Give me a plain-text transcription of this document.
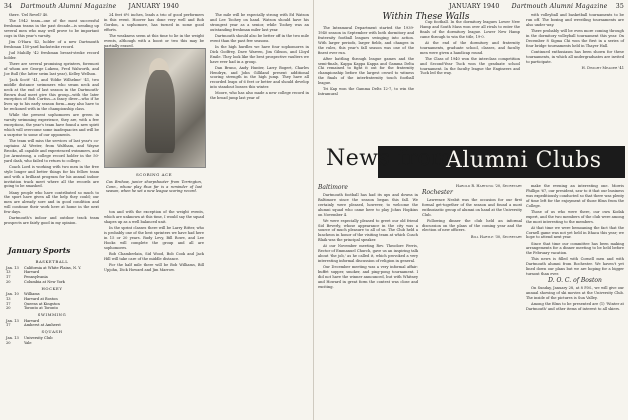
34 Dartmouth Alumni Magazine JANUARY 1940

there. 'Del Revell' 40.

The 1942 team—one of the most successful freshman teams in the past decade—is sending up several men who may well prove to be important cogs in this year's varsity.

Jim O'Hara '42, holder of a new Dartmouth freshman 150-yard backstroke record.

Jud Mahilly '42 freshman breast-stroke record holder.

There are several promising sprinters, foremost of whom are George Lukens, Fred Walworth, and Joe Bull (the latter swim last year), Kelley Wellson.

'Jack Scott' '41, and 'Eddie Wilhelme' '41, two middle distance swimmers who swam neck and neck at the end of last season in the Dartmouth-Brown dual meet give this group—with the later exception of Bob Curtiss—a fancy diver—who if he lives up to his early season form—may also have to be reckoned with in the championship class.

While the present sophomores are green in varsity swimming experience, they are, with a few exceptions, the year's team have found a new spirit which will overcome some inadequacies and will be a surprise to some of our opponents.

The team will miss the services of last year's co-captains Al Wester, from Waltham, and Wayne Brooks, all capable and experienced swimmers, and Joe Armstrong, a college record holder in the 50-yard dash, who failed to return to college.

Coach Lord is working with two men in the free style longer and better things for his fellow team and with a brilliant program for his annual indoor invitation track meet where all the records are going to be smashed.

Many people who have contributed so much to the sport have given all the help they could; our men are already sore and in good condition and will continue their work here at home in the next few days.

Dartmouth's indoor and outdoor track team prospects are fairly good in my opinion.

January Sports
BASKETBALL
Jan. 13	California at White Plains, N. Y.
13	Harvard
17	Pennsylvania
20	Columbia at New York
HOCKEY
Jan. 10	Williams
13	Harvard at Boston
17	Queens at Kingston
20	Toronto at Toronto
SWIMMING
Jan. 13	Harvard
17	Amherst at Amherst
SQUASH
Jan. 13	University Club
20	Yale

24 feet 6½ inches, leads a trio of good performers in this event. Hoover has done very well and Bob Gordon, a sophomore, has turned in some good efforts.

The weakness seem at this time to lie in the weight events, although with a boost or two this may be partially erased.

SCORING ACE
Cas Brohaw, junior sharpshooter from Torrington, Conn., whose play thus far is a reminder of last season, when he set a new league scoring record.

ton and with the exception of the weight events, which are unknown at this time, I would say the squad shapes up as a well balanced unit.

In the sprint classes there will be Larry Ritter, who is probably one of the best sprinters we have had here in 15 or 20 years. Rudy Levy, Bill Rowe, and Lee Hooks will complete the group and all are sophomores.

Bob Chamberlain, Sid Wood, Bob Cook and Jack Hill will take care of the middle distance.

For the half mile there will be Bob Williams, Bill Upjohn, Dick Howard and Jim Marrow.

The mile will be especially strong with Ed Watson and Lee Toohey on hand. Watson should have his strongest year as a senior, while Toohey was an outstanding freshman miler last year.

Dartmouth should also be better off in the two mile event than the past few seasons.

In the high hurdles we have four sophomores in Dick Godfrey, Dave Warren, Jim Gibson, and Lloyd Emile. They look like the best prospective vaulters we have ever had in a group.

Dan Bruno, Andy Hunter, Larry Bogert, Charles Hendryx, and John Gilliland present additional scoring strength in the high jump. They have all recorded leaps of 6 feet or better and should develop into standout bosses this winter.

Moore, who has also made a new college record in the broad jump last year of

JANUARY 1940 Dartmouth Alumni Magazine 35
Within These Walls

The Intramural Department started the 1939-1940 season in September with both dormitory and fraternity football leagues swinging into action. With larger periods, larger fields, and changes in the rules, this year's fall season was one of the finest ever run.

After battling through league games and the semi-finals, Kappa Kappa Kappa and Gamma Delta Chi remained to fight it out for the fraternity championship before the largest crowd to witness the finals of the interfraternity touch football league.

Tri Kap won the Gamma Delts 12-7, to win the Intramural

Cup football. In the dormitory leagues Lower New Hamp and South Mass won over all rivals to enter the finals of the dormitory league. Lower New Hamp came through to win the title, 19-0.

At the end of the dormitory and fraternity tournaments, graduate school, classes, and faculty men were given a handicap round.

The Class of 1940 won the interclass competition and Second-Year Tuck won the graduate school tournament. In the faculty league the Engineers and Tuck led the way.

with volleyball and basketball tournaments to be run off. The boxing and wrestling tournaments are also under way.

There probably will be even more coming through in the dormitory volleyball tournament this year. On December 8 Sigma Chi won the first in a series of four bridge tournaments held in Thayer Hall.

Continued enthusiasm has been shown for these tournaments, in which all undergraduates are invited to participate.

H. Dwight Meader '41
News from
Alumni Clubs
Baltimore

Dartmouth football has had its ups and downs in Baltimore since the season began this fall. We certainly were pleased, however, to welcome the alumni squad who came here to play Johns Hopkins on November 4.

We were especially pleased to greet our old friend Sid Beverly, whose appearance in the city was a source of much pleasure to all of us. The Club held a luncheon in honor of the visiting team at which Coach Blaik was the principal speaker.

At our November meeting Rev. Theodore Ferris, Rector of Emmanuel Church, gave us an inspiring talk about 'the job,' as he called it, which provoked a very interesting informal discussion of religion in general.

Our December meeting was a very informal affair: buffet supper, smoker, and ping-pong tournament. I did not have the winner announced, but with Whitney and Howard in great form the contest was close and exciting.

Harold R. Hartung '20, Secretary
Rochester

Lawrence Nesbit was the occasion for our first formal get-together of the season and found a most enthusiastic group of alumni on hand at the University Club.

Following dinner the club held an informal discussion on the plans of the coming year and the election of new officers.

Bill Hartle '30, Secretary

make the evening an interesting one. Morris Phillips '67, our president, saw to it that our business was expeditiously conducted so that there was plenty of time left for the enjoyment of those films from the College.

Those of us who were there, our own Kodak expert, and the two members of the club were among the most interesting to the members.

At that time we were bemoaning the fact that the Cornell game was not yet held in Ithaca this year; we hope to attend next year.

Since that time our committee has been making arrangements for a dinner meeting to be held before the February vacation.

This news is filled with Cornell men and with Dartmouth alumni from Rochester. We haven't yet lined down our plans but we are hoping for a bigger turnout than ever.

D. O. C. of Boston

On Sunday, January 28, at 8 P.M., we will give our annual showing of ski movies at the University Club. The inside of the pictures is Sun Valley.

Among the films to be presented are (1) 'Winter at Dartmouth' and other items of interest to all skiers.
